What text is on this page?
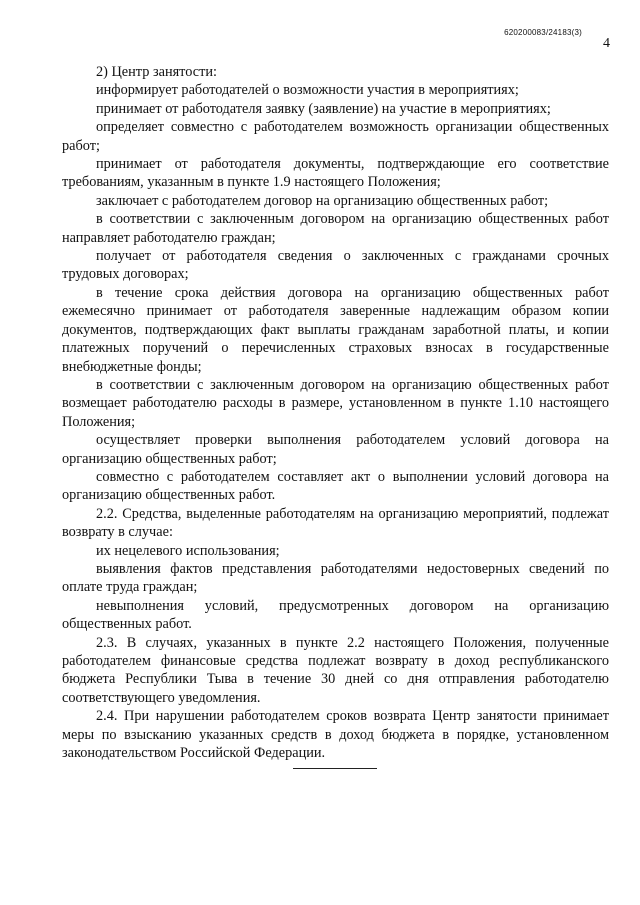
620200083/24183(3)
4

2) Центр занятости:

информирует работодателей о возможности участия в мероприятиях;

принимает от работодателя заявку (заявление) на участие в мероприятиях;

определяет совместно с работодателем возможность организации общественных работ;

принимает от работодателя документы, подтверждающие его соответствие требованиям, указанным в пункте 1.9 настоящего Положения;

заключает с работодателем договор на организацию общественных работ;

в соответствии с заключенным договором на организацию общественных работ направляет работодателю граждан;

получает от работодателя сведения о заключенных с гражданами срочных трудовых договорах;

в течение срока действия договора на организацию общественных работ ежемесячно принимает от работодателя заверенные надлежащим образом копии документов, подтверждающих факт выплаты гражданам заработной платы, и копии платежных поручений о перечисленных страховых взносах в государственные внебюджетные фонды;

в соответствии с заключенным договором на организацию общественных работ возмещает работодателю расходы в размере, установленном в пункте 1.10 настоящего Положения;

осуществляет проверки выполнения работодателем условий договора на организацию общественных работ;

совместно с работодателем составляет акт о выполнении условий договора на организацию общественных работ.

2.2. Средства, выделенные работодателям на организацию мероприятий, подлежат возврату в случае:

их нецелевого использования;

выявления фактов представления работодателями недостоверных сведений по оплате труда граждан;

невыполнения условий, предусмотренных договором на организацию общественных работ.

2.3. В случаях, указанных в пункте 2.2 настоящего Положения, полученные работодателем финансовые средства подлежат возврату в доход республиканского бюджета Республики Тыва в течение 30 дней со дня отправления работодателю соответствующего уведомления.

2.4. При нарушении работодателем сроков возврата Центр занятости принимает меры по взысканию указанных средств в доход бюджета в порядке, установленном законодательством Российской Федерации.
